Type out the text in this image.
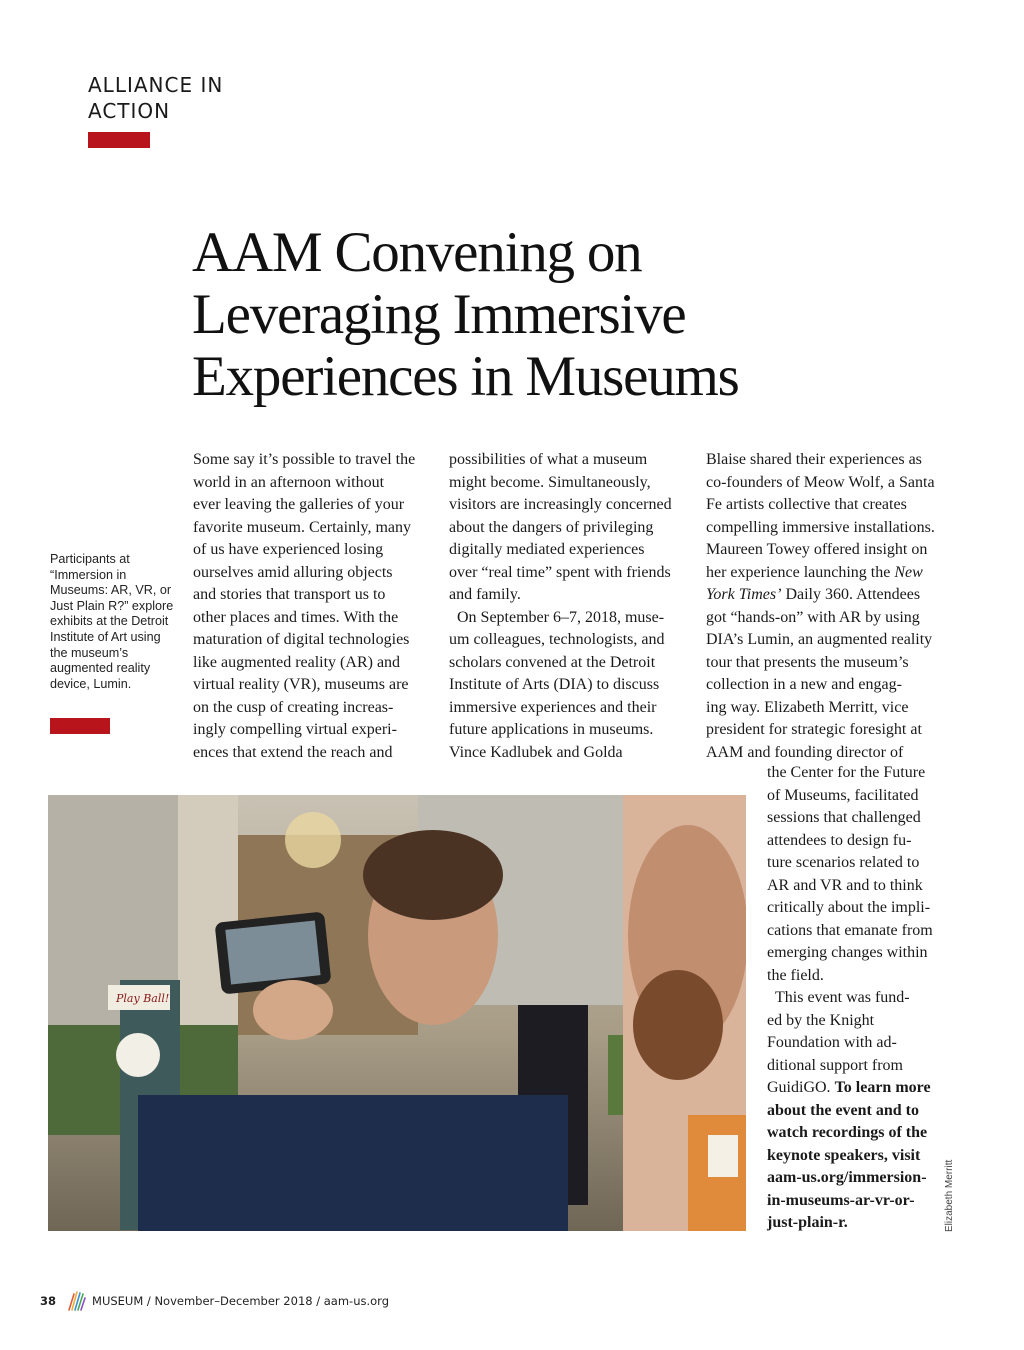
ALLIANCE IN
ACTION
AAM Convening on
Leveraging Immersive
Experiences in Museums

Participants at “Immersion in Museums: AR, VR, or Just Plain R?” explore exhibits at the Detroit Institute of Art using the museum’s augmented reality device, Lumin.

Some say it’s possible to travel the
world in an afternoon without
ever leaving the galleries of your
favorite museum. Certainly, many
of us have experienced losing
ourselves amid alluring objects
and stories that transport us to
other places and times. With the
maturation of digital technologies
like augmented reality (AR) and
virtual reality (VR), museums are
on the cusp of creating increas-
ingly compelling virtual experi-
ences that extend the reach and
possibilities of what a museum
might become. Simultaneously,
visitors are increasingly concerned
about the dangers of privileging
digitally mediated experiences
over “real time” spent with friends
and family.
On September 6–7, 2018, muse-
um colleagues, technologists, and
scholars convened at the Detroit
Institute of Arts (DIA) to discuss
immersive experiences and their
future applications in museums.
Vince Kadlubek and Golda
Blaise shared their experiences as
co-founders of Meow Wolf, a Santa
Fe artists collective that creates
compelling immersive installations.
Maureen Towey offered insight on
her experience launching the New
York Times’ Daily 360. Attendees
got “hands-on” with AR by using
DIA’s Lumin, an augmented reality
tour that presents the museum’s
collection in a new and engag-
ing way. Elizabeth Merritt, vice
president for strategic foresight at
AAM and founding director of
the Center for the Future
of Museums, facilitated
sessions that challenged
attendees to design fu-
ture scenarios related to
AR and VR and to think
critically about the impli-
cations that emanate from
emerging changes within
the field.
This event was fund-
ed by the Knight
Foundation with ad-
ditional support from
GuidiGO. To learn more
about the event and to
watch recordings of the
keynote speakers, visit
aam-us.org/immersion-
in-museums-ar-vr-or-
just-plain-r.
Play Ball!
Elizabeth Merritt
38	MUSEUM / November–December 2018 / aam-us.org
